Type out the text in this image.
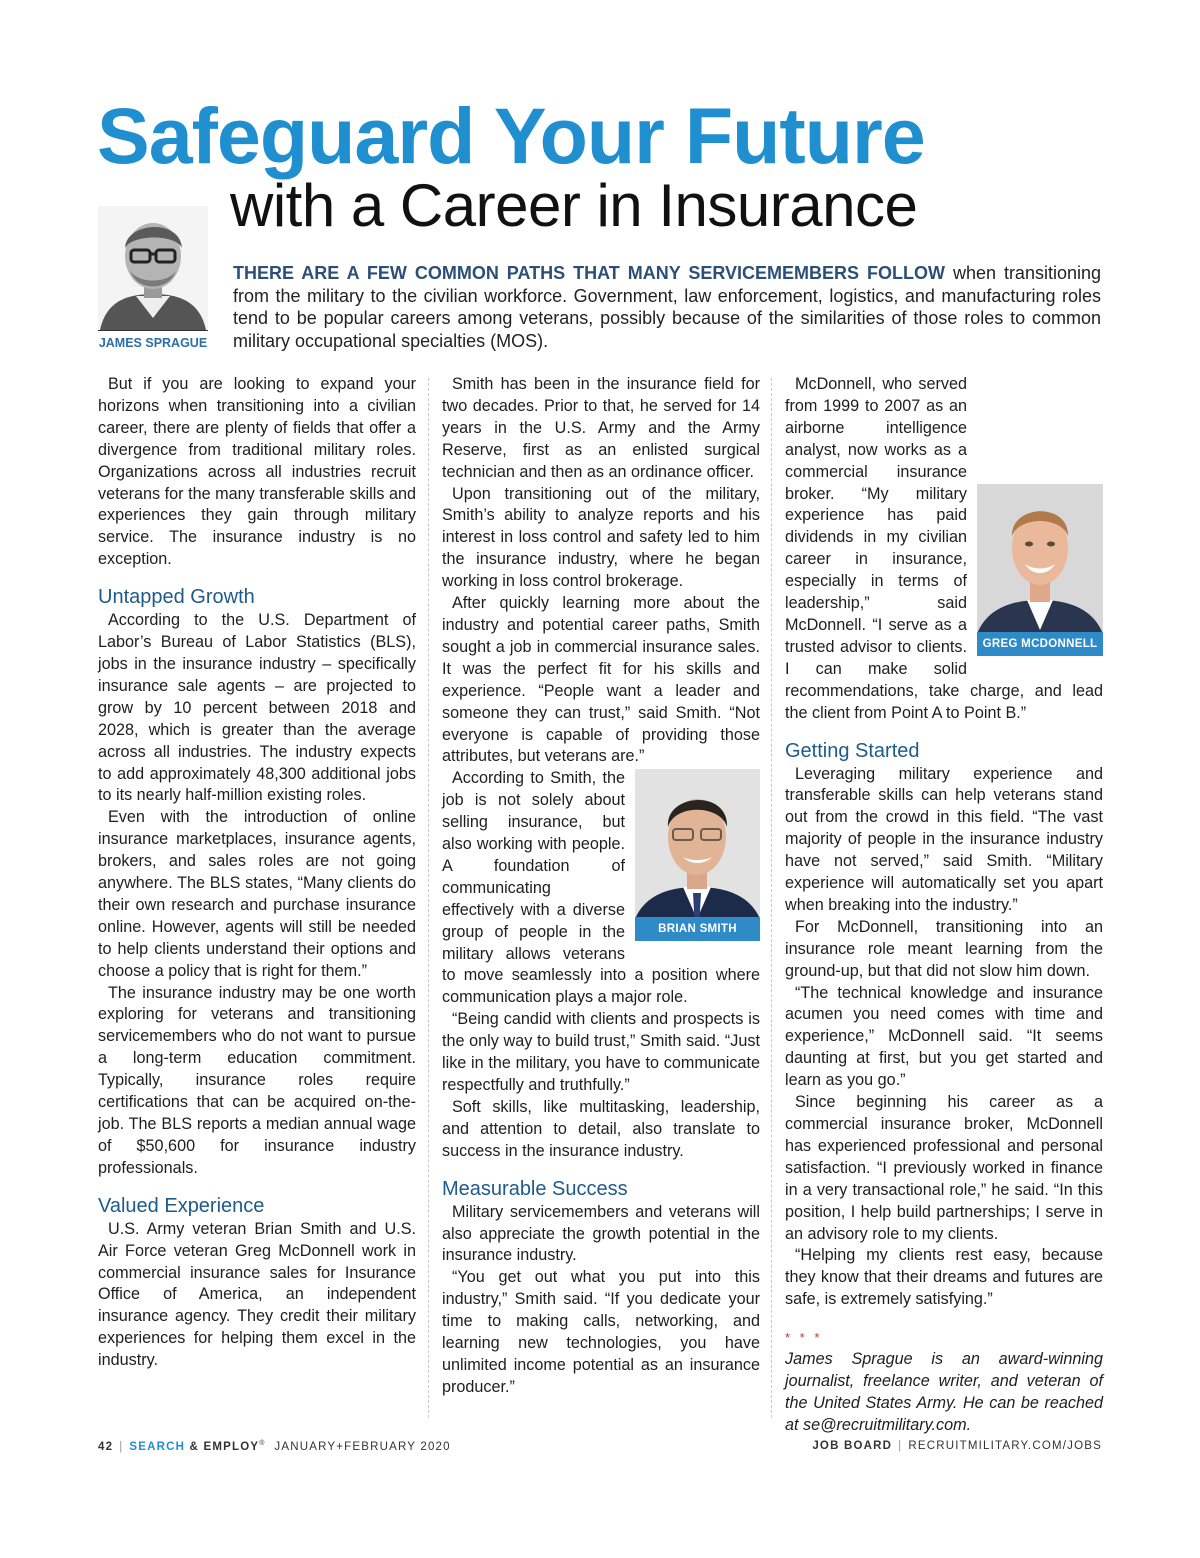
Safeguard Your Future
with a Career in Insurance
JAMES SPRAGUE

THERE ARE A FEW COMMON PATHS THAT MANY SERVICEMEMBERS FOLLOW when transitioning from the military to the civilian workforce. Government, law enforcement, logistics, and manufacturing roles tend to be popular careers among veterans, possibly because of the similarities of those roles to common military occupational specialties (MOS).

But if you are looking to expand your horizons when transitioning into a civilian career, there are plenty of fields that offer a divergence from traditional military roles. Organizations across all industries recruit veterans for the many transferable skills and experiences they gain through military service. The insurance industry is no exception.

Untapped Growth

According to the U.S. Department of Labor’s Bureau of Labor Statistics (BLS), jobs in the insurance industry – specifically insurance sale agents – are projected to grow by 10 percent between 2018 and 2028, which is greater than the average across all industries. The industry expects to add approximately 48,300 additional jobs to its nearly half-million existing roles.

Even with the introduction of online insurance marketplaces, insurance agents, brokers, and sales roles are not going anywhere. The BLS states, “Many clients do their own research and purchase insurance online. However, agents will still be needed to help clients understand their options and choose a policy that is right for them.”

The insurance industry may be one worth exploring for veterans and transitioning servicemembers who do not want to pursue a long-term education commitment. Typically, insurance roles require certifications that can be acquired on-the-job. The BLS reports a median annual wage of $50,600 for insurance industry professionals.

Valued Experience

U.S. Army veteran Brian Smith and U.S. Air Force veteran Greg McDonnell work in commercial insurance sales for Insurance Office of America, an independent insurance agency. They credit their military experiences for helping them excel in the industry.

Smith has been in the insurance field for two decades. Prior to that, he served for 14 years in the U.S. Army and the Army Reserve, first as an enlisted surgical technician and then as an ordinance officer.

Upon transitioning out of the military, Smith’s ability to analyze reports and his interest in loss control and safety led to him the insurance industry, where he began working in loss control brokerage.

After quickly learning more about the industry and potential career paths, Smith sought a job in commercial insurance sales. It was the perfect fit for his skills and experience. “People want a leader and someone they can trust,” said Smith. “Not everyone is capable of providing those attributes, but veterans are.”

BRIAN SMITH

According to Smith, the job is not solely about selling insurance, but also working with people. A foundation of communicating effectively with a diverse group of people in the military allows veterans to move seamlessly into a position where communication plays a major role.

“Being candid with clients and prospects is the only way to build trust,” Smith said. “Just like in the military, you have to communicate respectfully and truthfully.”

Soft skills, like multitasking, leadership, and attention to detail, also translate to success in the insurance industry.

Measurable Success

Military servicemembers and veterans will also appreciate the growth potential in the insurance industry.

“You get out what you put into this industry,” Smith said. “If you dedicate your time to making calls, networking, and learning new technologies, you have unlimited income potential as an insurance producer.”

GREG MCDONNELL

McDonnell, who served from 1999 to 2007 as an airborne intelligence analyst, now works as a commercial insurance broker. “My military experience has paid dividends in my civilian career in insurance, especially in terms of leadership,” said McDonnell. “I serve as a trusted advisor to clients. I can make solid recommendations, take charge, and lead the client from Point A to Point B.”

Getting Started

Leveraging military experience and transferable skills can help veterans stand out from the crowd in this field. “The vast majority of people in the insurance industry have not served,” said Smith. “Military experience will automatically set you apart when breaking into the industry.”

For McDonnell, transitioning into an insurance role meant learning from the ground-up, but that did not slow him down.

“The technical knowledge and insurance acumen you need comes with time and experience,” McDonnell said. “It seems daunting at first, but you get started and learn as you go.”

Since beginning his career as a commercial insurance broker, McDonnell has experienced professional and personal satisfaction. “I previously worked in finance in a very transactional role,” he said. “In this position, I help build partnerships; I serve in an advisory role to my clients.

“Helping my clients rest easy, because they know that their dreams and futures are safe, is extremely satisfying.”

* * *

James Sprague is an award-winning journalist, freelance writer, and veteran of the United States Army. He can be reached at se@recruitmilitary.com.

42 | SEARCH & EMPLOY® JANUARY+FEBRUARY 2020	JOB BOARD | RECRUITMILITARY.COM/JOBS
